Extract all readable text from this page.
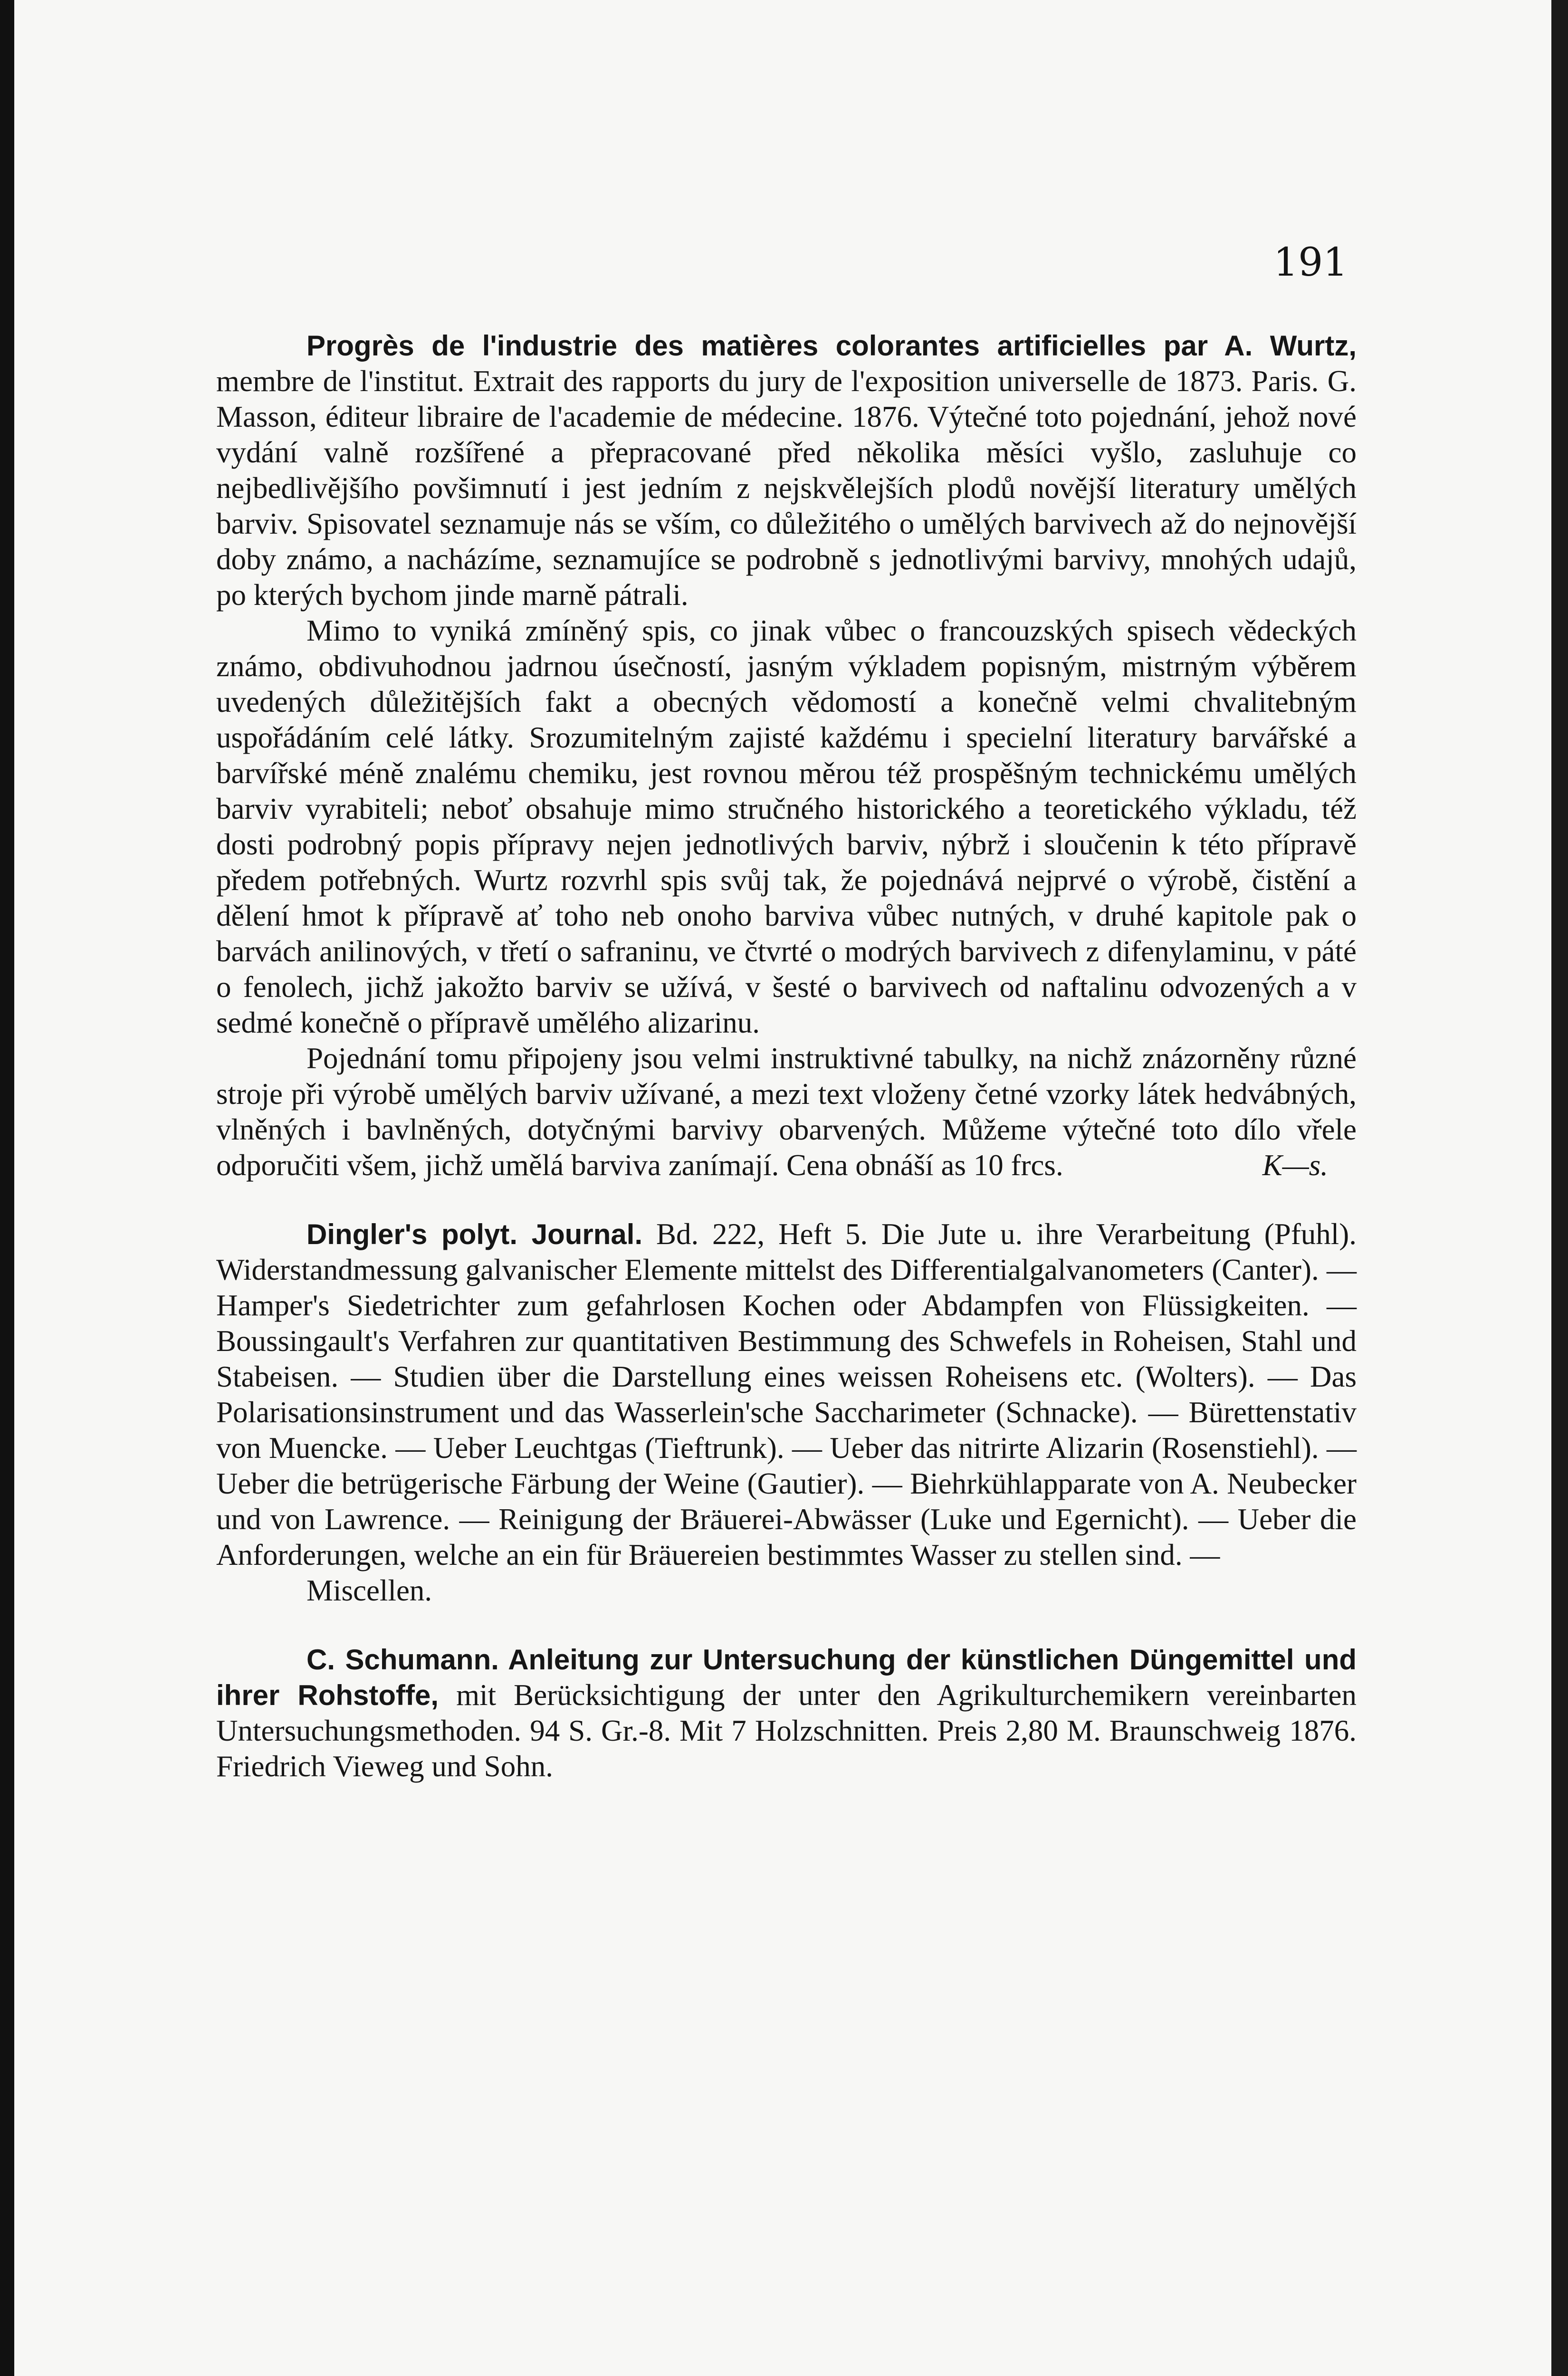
191

Progrès de l'industrie des matières colorantes artificielles par A. Wurtz, membre de l'institut. Extrait des rapports du jury de l'exposition universelle de 1873. Paris. G. Masson, éditeur libraire de l'academie de médecine. 1876. Výtečné toto pojednání, jehož nové vydání valně rozšířené a přepracované před několika měsíci vyšlo, zasluhuje co nejbedlivějšího povšimnutí i jest jedním z nejskvělejších plodů novější literatury umělých barviv. Spisovatel seznamuje nás se vším, co důležitého o umělých barvivech až do nejnovější doby známo, a nacházíme, seznamujíce se podrobně s jednotlivými barvivy, mnohých udajů, po kterých bychom jinde marně pátrali.

Mimo to vyniká zmíněný spis, co jinak vůbec o francouzských spisech vědeckých známo, obdivuhodnou jadrnou úsečností, jasným výkladem popisným, mistrným výběrem uvedených důležitějších fakt a obecných vědomostí a konečně velmi chvalitebným uspořádáním celé látky. Srozumitelným zajisté každému i specielní literatury barvářské a barvířské méně znalému chemiku, jest rovnou měrou též prospěšným technickému umělých barviv vyrabiteli; neboť obsahuje mimo stručného historického a teoretického výkladu, též dosti podrobný popis přípravy nejen jednotlivých barviv, nýbrž i sloučenin k této přípravě předem potřebných. Wurtz rozvrhl spis svůj tak, že pojednává nejprvé o výrobě, čistění a dělení hmot k přípravě ať toho neb onoho barviva vůbec nutných, v druhé kapitole pak o barvách anilinových, v třetí o safraninu, ve čtvrté o modrých barvivech z difenylaminu, v páté o fenolech, jichž jakožto barviv se užívá, v šesté o barvivech od naftalinu odvozených a v sedmé konečně o přípravě umělého alizarinu.

Pojednání tomu připojeny jsou velmi instruktivné tabulky, na nichž znázorněny různé stroje při výrobě umělých barviv užívané, a mezi text vloženy četné vzorky látek hedvábných, vlněných i bavlněných, dotyčnými barvivy obarvených. Můžeme výtečné toto dílo vřele odporučiti všem, jichž umělá barviva zanímají. Cena obnáší as 10 frcs.	K—s.

Dingler's polyt. Journal. Bd. 222, Heft 5. Die Jute u. ihre Verarbeitung (Pfuhl). Widerstandmessung galvanischer Elemente mittelst des Differentialgalvanometers (Canter). — Hamper's Siedetrichter zum gefahrlosen Kochen oder Abdampfen von Flüssigkeiten. — Boussingault's Verfahren zur quantitativen Bestimmung des Schwefels in Roheisen, Stahl und Stabeisen. — Studien über die Darstellung eines weissen Roheisens etc. (Wolters). — Das Polarisationsinstrument und das Wasserlein'sche Saccharimeter (Schnacke). — Bürettenstativ von Muencke. — Ueber Leuchtgas (Tieftrunk). — Ueber das nitrirte Alizarin (Rosenstiehl). — Ueber die betrügerische Färbung der Weine (Gautier). — Biehrkühlapparate von A. Neubecker und von Lawrence. — Reinigung der Bräuerei-Abwässer (Luke und Egernicht). — Ueber die Anforderungen, welche an ein für Bräuereien bestimmtes Wasser zu stellen sind. —
Miscellen.

C. Schumann. Anleitung zur Untersuchung der künstlichen Düngemittel und ihrer Rohstoffe, mit Berücksichtigung der unter den Agrikulturchemikern vereinbarten Untersuchungsmethoden. 94 S. Gr.-8. Mit 7 Holzschnitten. Preis 2,80 M. Braunschweig 1876. Friedrich Vieweg und Sohn.
